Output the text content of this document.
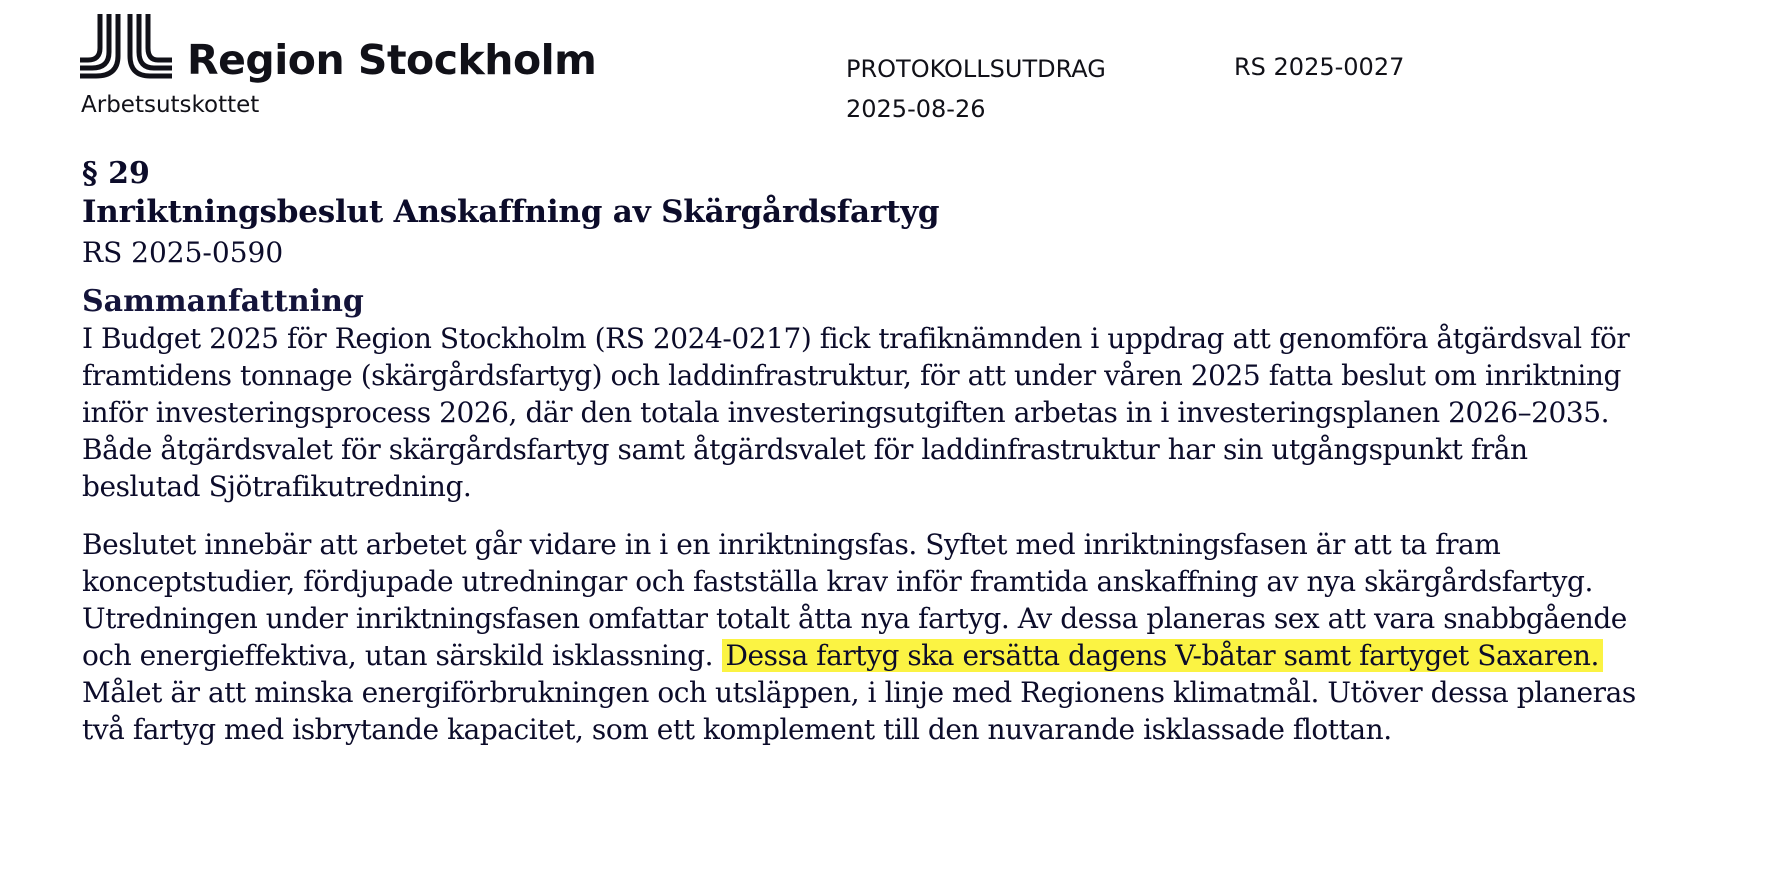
Region Stockholm
Arbetsutskottet
PROTOKOLLSUTDRAG
2025-08-26
RS 2025-0027

§ 29

Inriktningsbeslut Anskaffning av Skärgårdsfartyg

RS 2025-0590

Sammanfattning

I Budget 2025 för Region Stockholm (RS 2024-0217) fick trafiknämnden i uppdrag att genomföra åtgärdsval för framtidens tonnage (skärgårdsfartyg) och laddinfrastruktur, för att under våren 2025 fatta beslut om inriktning inför investeringsprocess 2026, där den totala investeringsutgiften arbetas in i investeringsplanen 2026–2035. Både åtgärdsvalet för skärgårdsfartyg samt åtgärdsvalet för laddinfrastruktur har sin utgångspunkt från beslutad Sjötrafikutredning.

Beslutet innebär att arbetet går vidare in i en inriktningsfas. Syftet med inriktningsfasen är att ta fram konceptstudier, fördjupade utredningar och fastställa krav inför framtida anskaffning av nya skärgårdsfartyg. Utredningen under inriktningsfasen omfattar totalt åtta nya fartyg. Av dessa planeras sex att vara snabbgående och energieffektiva, utan särskild isklassning. Dessa fartyg ska ersätta dagens V-båtar samt fartyget Saxaren. Målet är att minska energiförbrukningen och utsläppen, i linje med Regionens klimatmål. Utöver dessa planeras två fartyg med isbrytande kapacitet, som ett komplement till den nuvarande isklassade flottan.
